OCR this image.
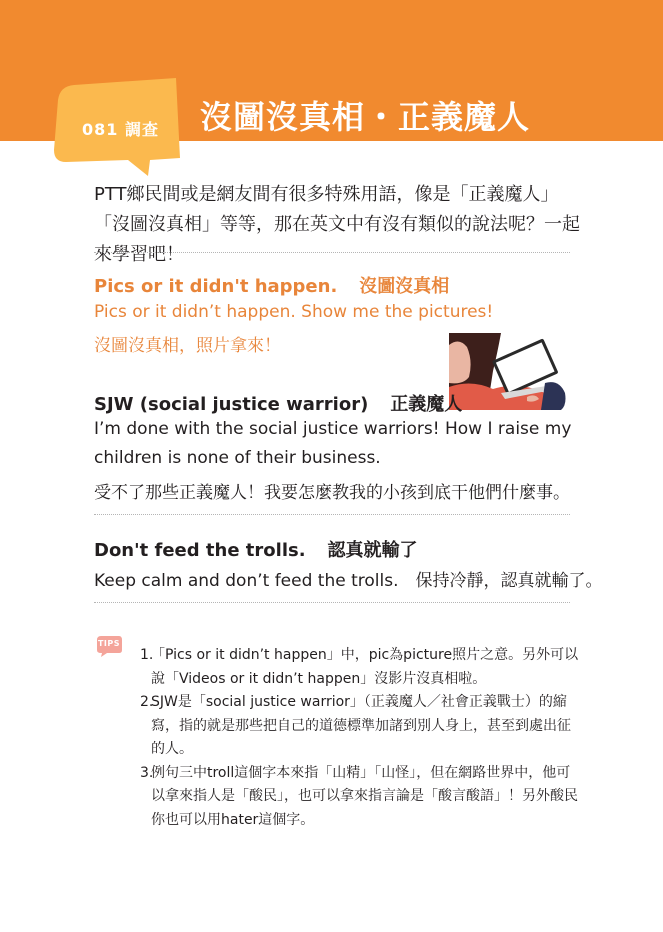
081 調查 沒圖沒真相・正義魔人
PTT鄉民間或是網友間有很多特殊用語，像是「正義魔人」「沒圖沒真相」等等，那在英文中有沒有類似的說法呢？一起來學習吧！
Pics or it didn't happen. 沒圖沒真相
Pics or it didn’t happen. Show me the pictures!
沒圖沒真相，照片拿來！
SJW (social justice warrior) 正義魔人
I’m done with the social justice warriors! How I raise my
children is none of their business.
受不了那些正義魔人！我要怎麼教我的小孩到底干他們什麼事。
Don't feed the trolls. 認真就輸了
Keep calm and don’t feed the trolls.　保持冷靜，認真就輸了。
TIPS
1.
「Pics or it didn’t happen」中，pic為picture照片之意。另外可以說「Videos or it didn’t happen」沒影片沒真相啦。
2.
SJW是「social justice warrior」（正義魔人／社會正義戰士）的縮寫，指的就是那些把自己的道德標準加諸到別人身上，甚至到處出征的人。
3.
例句三中troll這個字本來指「山精」「山怪」，但在網路世界中，他可以拿來指人是「酸民」，也可以拿來指言論是「酸言酸語」！另外酸民你也可以用hater這個字。
